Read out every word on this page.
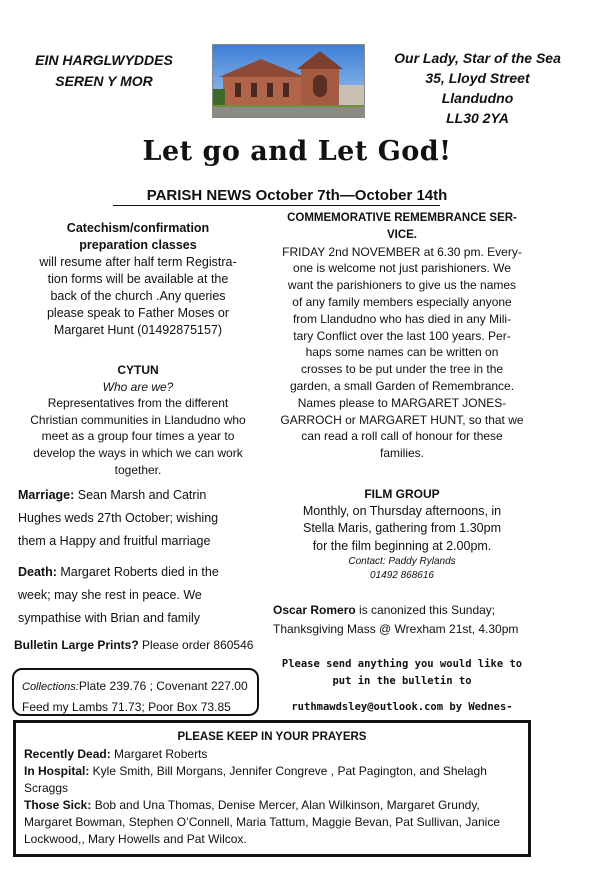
EIN HARGLWYDDES
SEREN Y MOR
Our Lady, Star of the Sea
35, Lloyd Street
Llandudno
LL30 2YA
Let go and Let God!
PARISH NEWS October 7th—October 14th
Catechism/confirmation
preparation classes
will resume after half term Registra-
tion forms will be available at the
back of the church .Any queries
please speak to Father Moses or
Margaret Hunt (01492875157)
CYTUN
Who are we?
Representatives from the different
Christian communities in Llandudno who
meet as a group four times a year to
develop the ways in which we can work
together.
Marriage: Sean Marsh and Catrin
Hughes weds 27th October; wishing
them a Happy and fruitful marriage
Death: Margaret Roberts died in the
week; may she rest in peace. We
sympathise with Brian and family
Bulletin Large Prints? Please order 860546
Collections:Plate 239.76 ; Covenant 227.00
Feed my Lambs 71.73; Poor Box 73.85
COMMEMORATIVE REMEMBRANCE SER-
VICE.
FRIDAY 2nd NOVEMBER at 6.30 pm. Every-
one is welcome not just parishioners. We
want the parishioners to give us the names
of any family members especially anyone
from Llandudno who has died in any Mili-
tary Conflict over the last 100 years. Per-
haps some names can be written on
crosses to be put under the tree in the
garden, a small Garden of Remembrance.
Names please to MARGARET JONES-
GARROCH or MARGARET HUNT, so that we
can read a roll call of honour for these
families.
FILM GROUP
Monthly, on Thursday afternoons, in
Stella Maris, gathering from 1.30pm
for the film beginning at 2.00pm.
Contact: Paddy Rylands
01492 868616
Oscar Romero is canonized this Sunday;
Thanksgiving Mass @ Wrexham 21st, 4.30pm
Please send anything you would like to
put in the bulletin to
ruthmawdsley@outlook.com by Wednes-
PLEASE KEEP IN YOUR PRAYERS
Recently Dead: Margaret Roberts
In Hospital: Kyle Smith, Bill Morgans, Jennifer Congreve , Pat Pagington, and Shelagh Scraggs
Those Sick: Bob and Una Thomas, Denise Mercer, Alan Wilkinson, Margaret Grundy, Margaret Bowman, Stephen O’Connell, Maria Tattum, Maggie Bevan, Pat Sullivan, Janice Lockwood,, Mary Howells and Pat Wilcox.
